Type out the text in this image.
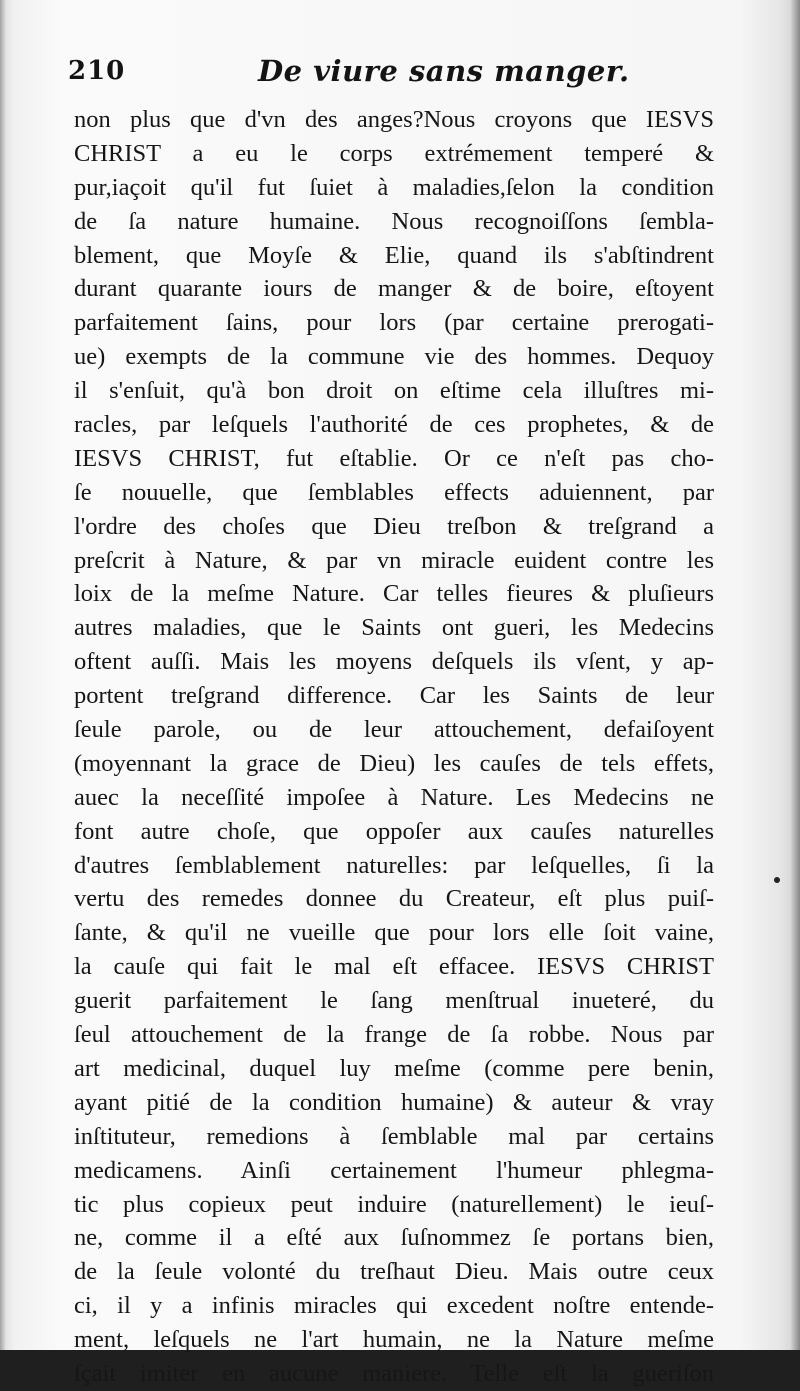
210	De viure sans manger.
non plus que d'vn des anges?Nous croyons que IESVS
CHRIST a eu le corps extrémement temperé &
pur,iaçoit qu'il fut ſuiet à maladies,ſelon la condition
de ſa nature humaine. Nous recognoiſſons ſembla-
blement, que Moyſe & Elie, quand ils s'abſtindrent
durant quarante iours de manger & de boire, eſtoyent
parfaitement ſains, pour lors (par certaine prerogati-
ue) exempts de la commune vie des hommes. Dequoy
il s'enſuit, qu'à bon droit on eſtime cela illuſtres mi-
racles, par leſquels l'authorité de ces prophetes, & de
IESVS CHRIST, fut eſtablie. Or ce n'eſt pas cho-
ſe nouuelle, que ſemblables effects aduiennent, par
l'ordre des choſes que Dieu treſbon & treſgrand a
preſcrit à Nature, & par vn miracle euident contre les
loix de la meſme Nature. Car telles fieures & pluſieurs
autres maladies, que le Saints ont gueri, les Medecins
oftent auſſi. Mais les moyens deſquels ils vſent, y ap-
portent treſgrand difference. Car les Saints de leur
ſeule parole, ou de leur attouchement, defaiſoyent
(moyennant la grace de Dieu) les cauſes de tels effets,
auec la neceſſité impoſee à Nature. Les Medecins ne
font autre choſe, que oppoſer aux cauſes naturelles
d'autres ſemblablement naturelles: par leſquelles, ſi la
vertu des remedes donnee du Createur, eſt plus puiſ-
ſante, & qu'il ne vueille que pour lors elle ſoit vaine,
la cauſe qui fait le mal eſt effacee. IESVS CHRIST
guerit parfaitement le ſang menſtrual inueteré, du
ſeul attouchement de la frange de ſa robbe. Nous par
art medicinal, duquel luy meſme (comme pere benin,
ayant pitié de la condition humaine) & auteur & vray
inſtituteur, remedions à ſemblable mal par certains
medicamens. Ainſi certainement l'humeur phlegma-
tic plus copieux peut induire (naturellement) le ieuſ-
ne, comme il a eſté aux ſuſnommez ſe portans bien,
de la ſeule volonté du treſhaut Dieu. Mais outre ceux
ci, il y a infinis miracles qui excedent noſtre entende-
ment, leſquels ne l'art humain, ne la Nature meſme
ſçait imiter en aucune maniere. Telle eſt la gueriſon
